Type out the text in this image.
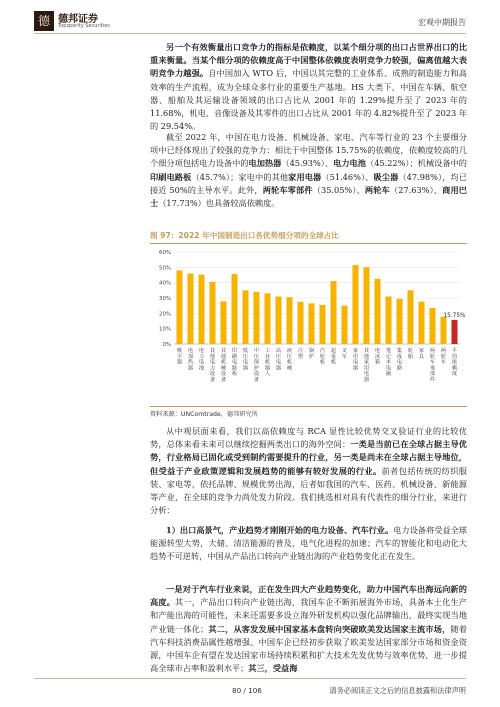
德 德邦证券
Topsperity Securities	宏观中期报告

另一个有效衡量出口竞争力的指标是依赖度，以某个细分项的出口占世界出口的比重来衡量。当某个细分项的依赖度高于中国整体依赖度表明竞争力较强，偏离值越大表明竞争力越强。自中国加入 WTO 后，中国以其完整的工业体系、成熟的制造能力和高效率的生产流程，成为全球众多行业的重要生产基地。HS 大类下，中国在车辆、航空器、船舶及其运输设备领域的出口占比从 2001 年的 1.29%提升至了 2023 年的 11.68%，机电、音像设备及其零件的出口占比从 2001 年的 4.82%提升至了 2023 年的 29.54%。

截至 2022 年，中国在电力设备、机械设备、家电、汽车等行业的 23 个主要细分项中已经体现出了较强的竞争力：相比于中国整体 15.75%的依赖度，依赖度较高的几个细分项包括电力设备中的电加热器（45.93%）、电力电池（45.22%）；机械设备中的印刷电路板（45.7%）；家电中的其他家用电器（51.46%）、吸尘器（47.98%），均已接近 50%的主导水平。此外，两轮车零部件（35.05%）、两轮车（27.63%）、商用巴士（17.73%）也具备较高依赖度。

图 97：2022 年中国制造出口各优势细分项的全球占比
0%
10%
20%
30%
40%
50%
60%
吸尘器
电加热器
电力电池
其他电力设备
其他机械设备
印刷电路板
低压电器
中压保护设备
工业机器人
高压电器
液压机械
注塑
锅炉
汽轮机
起重机
叉车
家用电器
其他家用电器
电冰箱
笔记本电脑
集成电路
轮胎
家具
两轮车零部件
两轮车
平均依赖度
15.75%
资料来源：UNComtrade，德邦研究所

从中观层面来看，我们以高依赖度与 RCA 显性比较优势交叉验证行业的比较优势，总体来看未来可以继续挖掘两类出口的海外空间：一类是当前已在全球占据主导优势，行业格局已固化或受到制约需要提升的行业，另一类是尚未在全球占据主导地位，但受益于产业政策逻辑和发展趋势的能够有较好发展的行业。前者包括传统的纺织服装、家电等，依托品牌、规模优势出海，后者如我国的汽车、医药、机械设备、新能源等产业，在全球的竞争力尚处发力阶段。我们挑选相对具有代表性的细分行业，来进行分析：

1）出口高景气，产业趋势才刚刚开始的电力设备、汽车行业。电力设备将受益全球能源转型大势，大储、清洁能源的普及，电气化进程的加速；汽车的智能化和电动化大趋势不可逆转，中国从产品出口转向产业链出海的产业趋势变化正在发生。

一是对于汽车行业来说，正在发生四大产业趋势变化，助力中国汽车出海远向新的高度。其一，产品出口转向产业链出海，我国车企不断拓展海外市场，具备本土化生产和产能出海的可能性，未来还需要多设立海外研发机构以强化品牌输出，最终实现当地产业链一体化；其二，从客发发展中国家基本盘转向突破欧美发达国家主流市场，随着汽车科技消费品属性越增强、中国车企已经初步获取了欧美发达国家部分市场和资金资源，中国车企有望在发达国家市场持续积累和扩大技术先发优势与效率优势，进一步提高全球市占率和盈利水平；其三，受益海

80 / 106	请务必阅读正文之后的信息披露和法律声明
